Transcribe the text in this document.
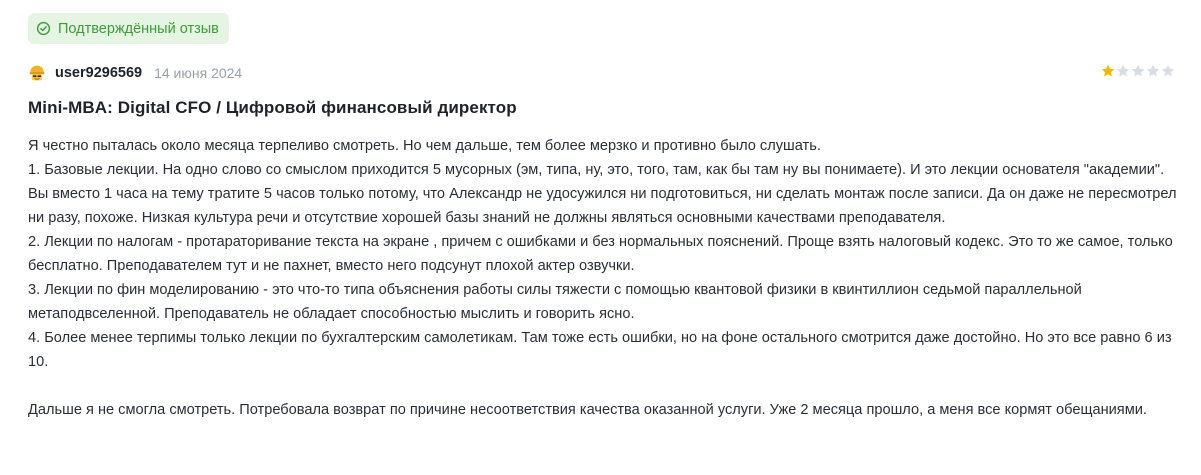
Подтверждённый отзыв
user9296569 14 июня 2024
Mini-MBA: Digital CFO / Цифровой финансовый директор

Я честно пыталась около месяца терпеливо смотреть. Но чем дальше, тем более мерзко и противно было слушать.

1. Базовые лекции. На одно слово со смыслом приходится 5 мусорных (эм, типа, ну, это, того, там, как бы там ну вы понимаете). И это лекции основателя "академии". Вы вместо 1 часа на тему тратите 5 часов только потому, что Александр не удосужился ни подготовиться, ни сделать монтаж после записи. Да он даже не пересмотрел ни разу, похоже. Низкая культура речи и отсутствие хорошей базы знаний не должны являться основными качествами преподавателя.

2. Лекции по налогам - протараторивание текста на экране , причем с ошибками и без нормальных пояснений. Проще взять налоговый кодекс. Это то же самое, только бесплатно. Преподавателем тут и не пахнет, вместо него подсунут плохой актер озвучки.

3. Лекции по фин моделированию - это что-то типа объяснения работы силы тяжести с помощью квантовой физики в квинтиллион седьмой параллельной метаподвселенной. Преподаватель не обладает способностью мыслить и говорить ясно.

4. Более менее терпимы только лекции по бухгалтерским самолетикам. Там тоже есть ошибки, но на фоне остального смотрится даже достойно. Но это все равно 6 из 10.

Дальше я не смогла смотреть. Потребовала возврат по причине несоответствия качества оказанной услуги. Уже 2 месяца прошло, а меня все кормят обещаниями.
